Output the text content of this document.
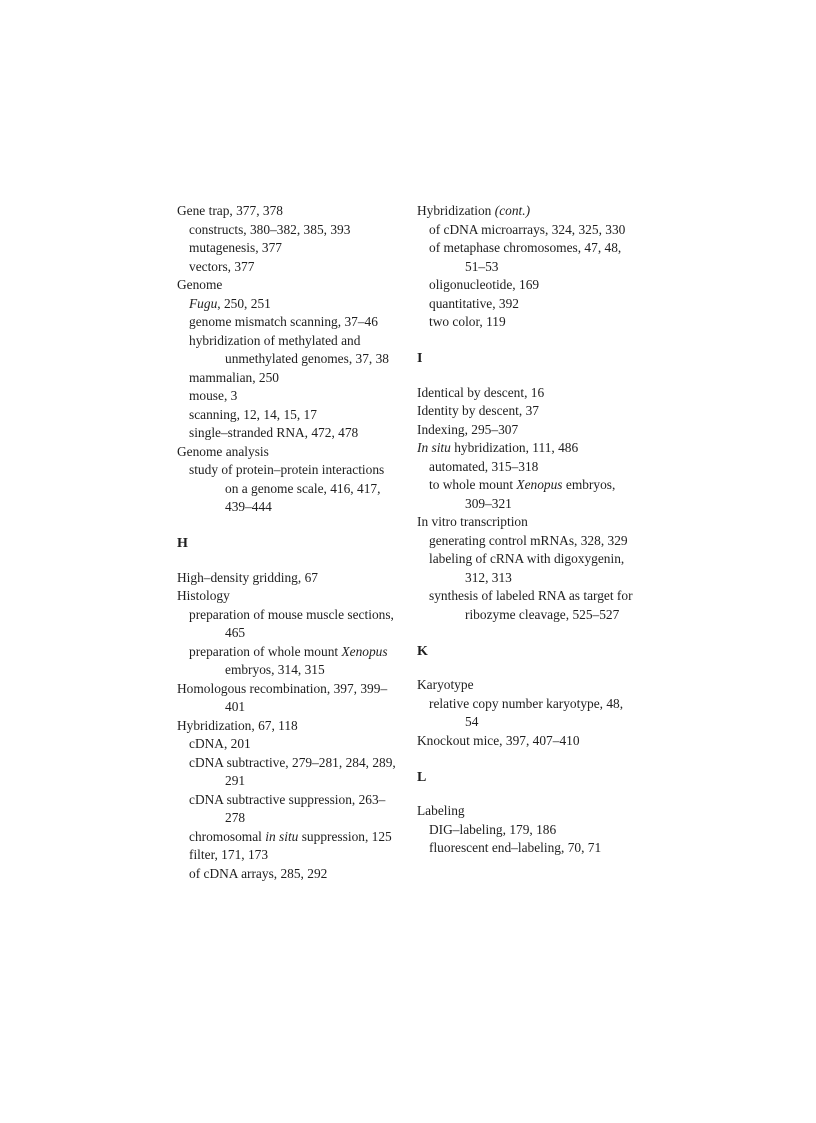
Gene trap, 377, 378
constructs, 380–382, 385, 393
mutagenesis, 377
vectors, 377
Genome
Fugu, 250, 251
genome mismatch scanning, 37–46
hybridization of methylated and
unmethylated genomes, 37, 38
mammalian, 250
mouse, 3
scanning, 12, 14, 15, 17
single–stranded RNA, 472, 478
Genome analysis
study of protein–protein interactions
on a genome scale, 416, 417,
439–444
H
High–density gridding, 67
Histology
preparation of mouse muscle sections,
465
preparation of whole mount Xenopus
embryos, 314, 315
Homologous recombination, 397, 399–
401
Hybridization, 67, 118
cDNA, 201
cDNA subtractive, 279–281, 284, 289,
291
cDNA subtractive suppression, 263–
278
chromosomal in situ suppression, 125
filter, 171, 173
of cDNA arrays, 285, 292
Hybridization (cont.)
of cDNA microarrays, 324, 325, 330
of metaphase chromosomes, 47, 48,
51–53
oligonucleotide, 169
quantitative, 392
two color, 119
I
Identical by descent, 16
Identity by descent, 37
Indexing, 295–307
In situ hybridization, 111, 486
automated, 315–318
to whole mount Xenopus embryos,
309–321
In vitro transcription
generating control mRNAs, 328, 329
labeling of cRNA with digoxygenin,
312, 313
synthesis of labeled RNA as target for
ribozyme cleavage, 525–527
K
Karyotype
relative copy number karyotype, 48,
54
Knockout mice, 397, 407–410
L
Labeling
DIG–labeling, 179, 186
fluorescent end–labeling, 70, 71
